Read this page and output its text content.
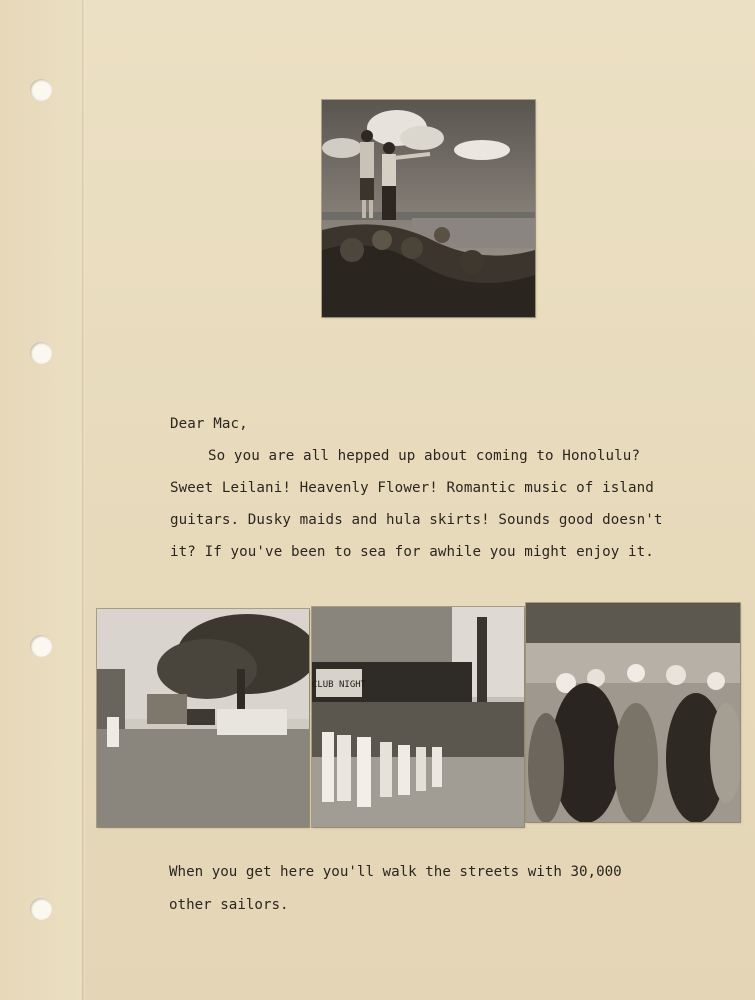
Dear Mac,
So you are all hepped up about coming to Honolulu?
Sweet Leilani! Heavenly Flower! Romantic music of island
guitars. Dusky maids and hula skirts! Sounds good doesn't
it? If you've been to sea for awhile you might enjoy it.
CLUB NIGHT
When you get here you'll walk the streets with 30,000
other sailors.
